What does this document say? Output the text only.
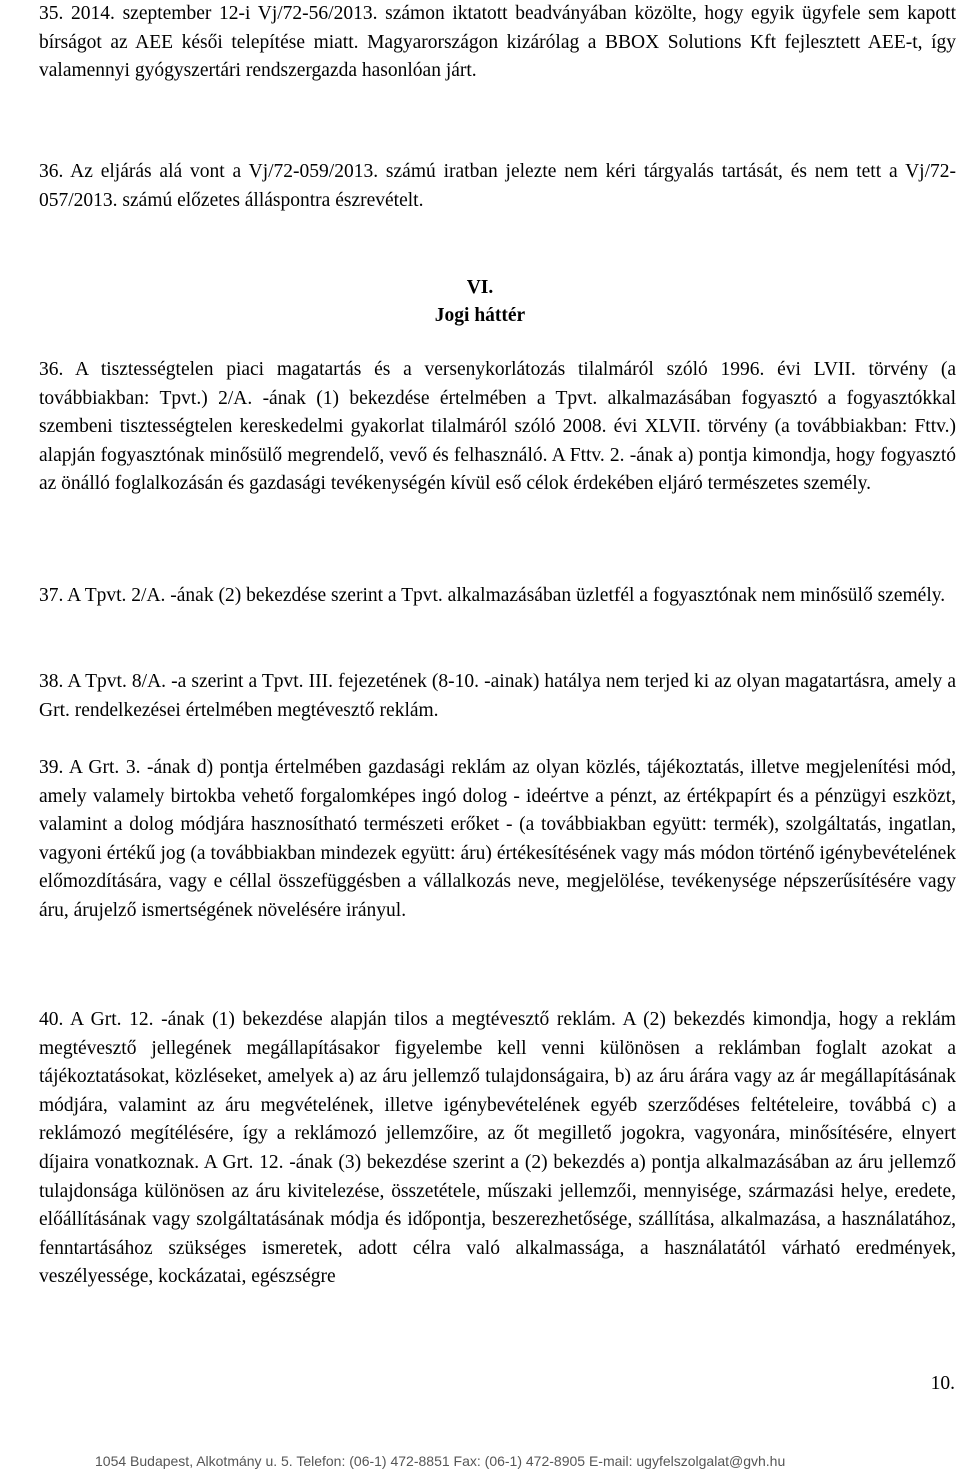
35. 2014. szeptember 12-i Vj/72-56/2013. számon iktatott beadványában közölte, hogy egyik ügyfele sem kapott bírságot az AEE késői telepítése miatt. Magyarországon kizárólag a BBOX Solutions Kft fejlesztett AEE-t, így valamennyi gyógyszertári rendszergazda hasonlóan járt.

36. Az eljárás alá vont a Vj/72-059/2013. számú iratban jelezte nem kéri tárgyalás tartását, és nem tett a Vj/72-057/2013. számú előzetes álláspontra észrevételt.

VI.
Jogi háttér

36. A tisztességtelen piaci magatartás és a versenykorlátozás tilalmáról szóló 1996. évi LVII. törvény (a továbbiakban: Tpvt.) 2/A. -ának (1) bekezdése értelmében a Tpvt. alkalmazásában fogyasztó a fogyasztókkal szembeni tisztességtelen kereskedelmi gyakorlat tilalmáról szóló 2008. évi XLVII. törvény (a továbbiakban: Fttv.) alapján fogyasztónak minősülő megrendelő, vevő és felhasználó. A Fttv. 2. -ának a) pontja kimondja, hogy fogyasztó az önálló foglalkozásán és gazdasági tevékenységén kívül eső célok érdekében eljáró természetes személy.

37. A Tpvt. 2/A. -ának (2) bekezdése szerint a Tpvt. alkalmazásában üzletfél a fogyasztónak nem minősülő személy.

38. A Tpvt. 8/A. -a szerint a Tpvt. III. fejezetének (8-10. -ainak) hatálya nem terjed ki az olyan magatartásra, amely a Grt. rendelkezései értelmében megtévesztő reklám.

39. A Grt. 3. -ának d) pontja értelmében gazdasági reklám az olyan közlés, tájékoztatás, illetve megjelenítési mód, amely valamely birtokba vehető forgalomképes ingó dolog - ideértve a pénzt, az értékpapírt és a pénzügyi eszközt, valamint a dolog módjára hasznosítható természeti erőket - (a továbbiakban együtt: termék), szolgáltatás, ingatlan, vagyoni értékű jog (a továbbiakban mindezek együtt: áru) értékesítésének vagy más módon történő igénybevételének előmozdítására, vagy e céllal összefüggésben a vállalkozás neve, megjelölése, tevékenysége népszerűsítésére vagy áru, árujelző ismertségének növelésére irányul.

40. A Grt. 12. -ának (1) bekezdése alapján tilos a megtévesztő reklám. A (2) bekezdés kimondja, hogy a reklám megtévesztő jellegének megállapításakor figyelembe kell venni különösen a reklámban foglalt azokat a tájékoztatásokat, közléseket, amelyek a) az áru jellemző tulajdonságaira, b) az áru árára vagy az ár megállapításának módjára, valamint az áru megvételének, illetve igénybevételének egyéb szerződéses feltételeire, továbbá c) a reklámozó megítélésére, így a reklámozó jellemzőire, az őt megillető jogokra, vagyonára, minősítésére, elnyert díjaira vonatkoznak. A Grt. 12. -ának (3) bekezdése szerint a (2) bekezdés a) pontja alkalmazásában az áru jellemző tulajdonsága különösen az áru kivitelezése, összetétele, műszaki jellemzői, mennyisége, származási helye, eredete, előállításának vagy szolgáltatásának módja és időpontja, beszerezhetősége, szállítása, alkalmazása, a használatához, fenntartásához szükséges ismeretek, adott célra való alkalmassága, a használatától várható eredmények, veszélyessége, kockázatai, egészségre

10.
1054 Budapest, Alkotmány u. 5. Telefon: (06-1) 472-8851 Fax: (06-1) 472-8905 E-mail: ugyfelszolgalat@gvh.hu
